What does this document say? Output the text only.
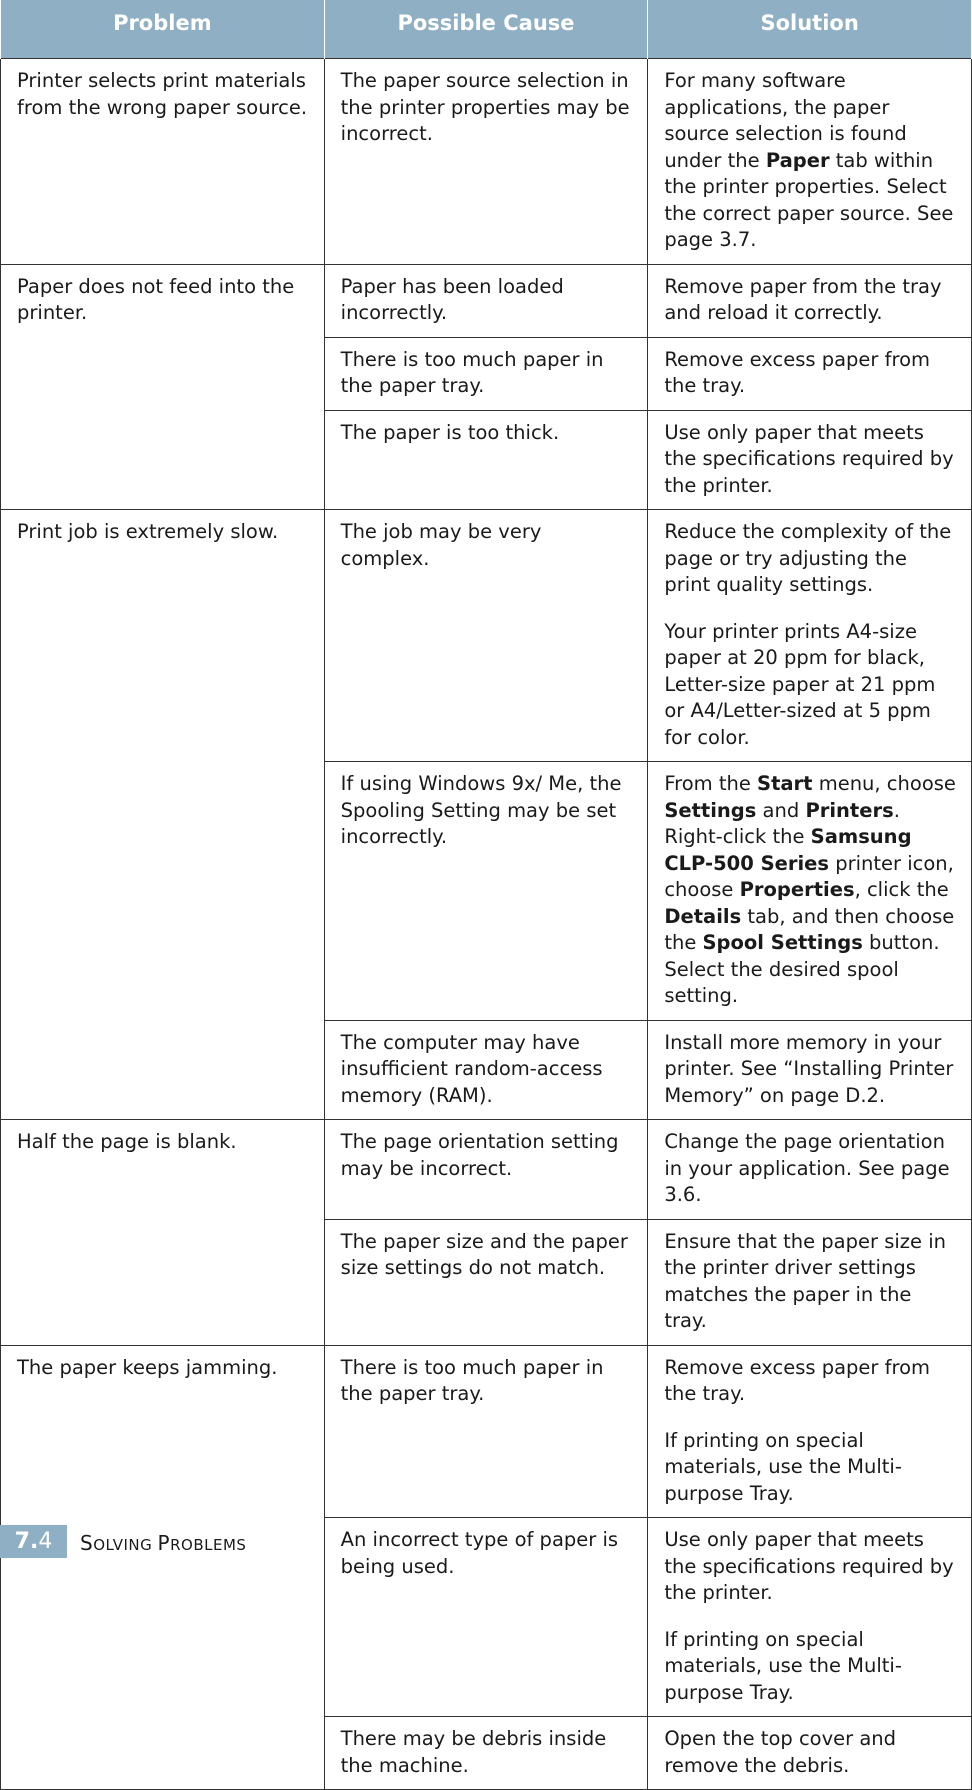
Problem	Possible Cause	Solution

Printer selects print materials from the wrong paper source.	The paper source selection in the printer properties may be incorrect.	For many software applications, the paper source selection is found under the Paper tab within the printer properties. Select the correct paper source. See page 3.7.

Paper does not feed into the printer.	Paper has been loaded incorrectly.	Remove paper from the tray and reload it correctly.

	There is too much paper in the paper tray.	Remove excess paper from the tray.

	The paper is too thick.	Use only paper that meets the specifications required by the printer.

Print job is extremely slow.	The job may be very complex.	Reduce the complexity of the page or try adjusting the print quality settings.

Your printer prints A4-size paper at 20 ppm for black, Letter-size paper at 21 ppm or A4/Letter-sized at 5 ppm for color.

	If using Windows 9x/ Me, the Spooling Setting may be set incorrectly.	From the Start menu, choose Settings and Printers. Right-click the Samsung CLP-500 Series printer icon, choose Properties, click the Details tab, and then choose the Spool Settings button. Select the desired spool setting.

	The computer may have insufficient random-access memory (RAM).	Install more memory in your printer. See “Installing Printer Memory” on page D.2.

Half the page is blank.	The page orientation setting may be incorrect.	Change the page orientation in your application. See page 3.6.

	The paper size and the paper size settings do not match.	Ensure that the paper size in the printer driver settings matches the paper in the tray.

The paper keeps jamming.	There is too much paper in the paper tray.	Remove excess paper from the tray.

If printing on special materials, use the Multi-purpose Tray.

	An incorrect type of paper is being used.	Use only paper that meets the specifications required by the printer.

If printing on special materials, use the Multi-purpose Tray.

	There may be debris inside the machine.	Open the top cover and remove the debris.

7.4	SOLVING PROBLEMS
